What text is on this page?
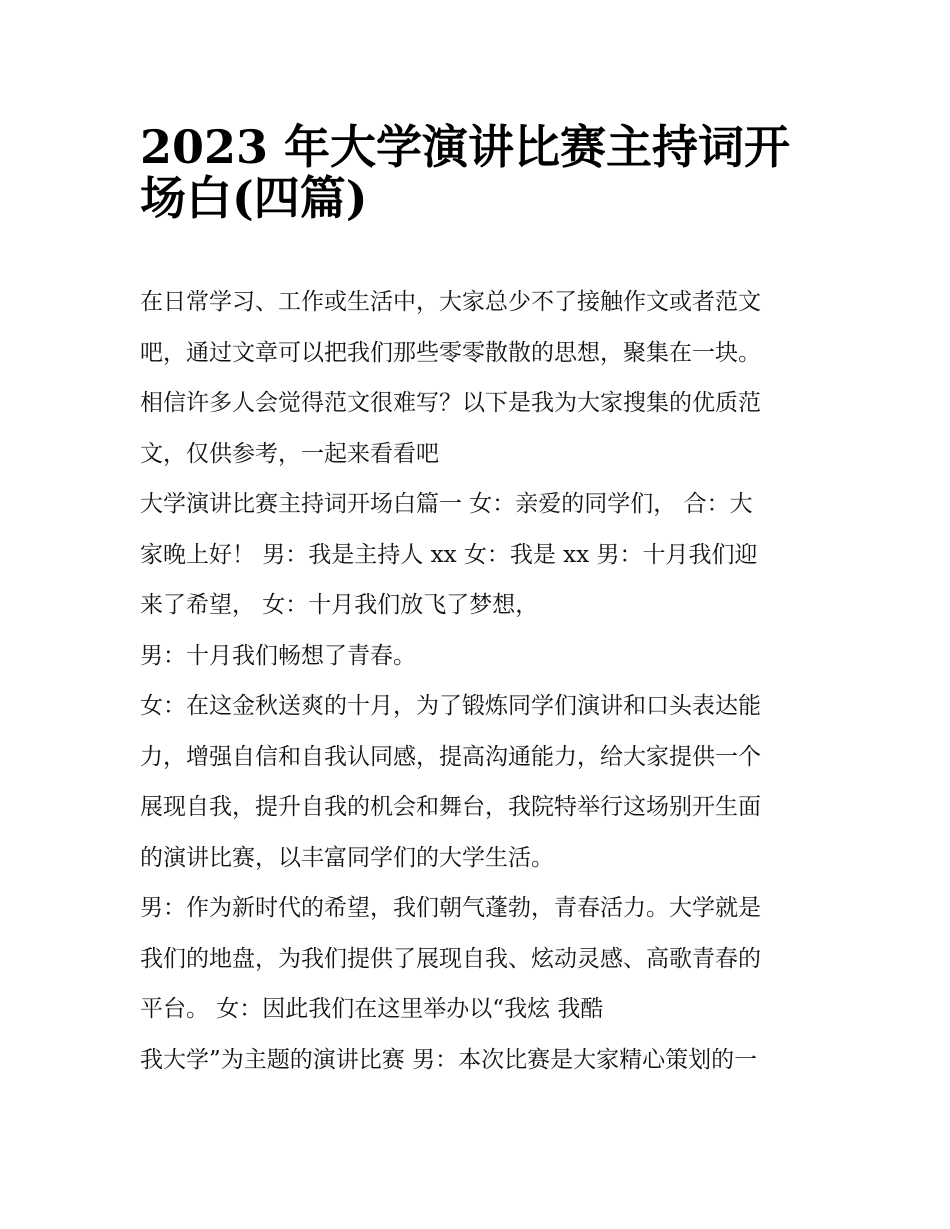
2023 年大学演讲比赛主持词开
场白(四篇)
在日常学习、工作或生活中，大家总少不了接触作文或者范文
吧，通过文章可以把我们那些零零散散的思想，聚集在一块。
相信许多人会觉得范文很难写？以下是我为大家搜集的优质范
文，仅供参考，一起来看看吧
大学演讲比赛主持词开场白篇一 女：亲爱的同学们， 合：大
家晚上好！ 男：我是主持人 xx 女：我是 xx 男：十月我们迎
来了希望， 女：十月我们放飞了梦想，
男：十月我们畅想了青春。
女：在这金秋送爽的十月，为了锻炼同学们演讲和口头表达能
力，增强自信和自我认同感，提高沟通能力，给大家提供一个
展现自我，提升自我的机会和舞台，我院特举行这场别开生面
的演讲比赛，以丰富同学们的大学生活。
男：作为新时代的希望，我们朝气蓬勃，青春活力。大学就是
我们的地盘，为我们提供了展现自我、炫动灵感、高歌青春的
平台。 女：因此我们在这里举办以“我炫 我酷
我大学”为主题的演讲比赛 男：本次比赛是大家精心策划的一
